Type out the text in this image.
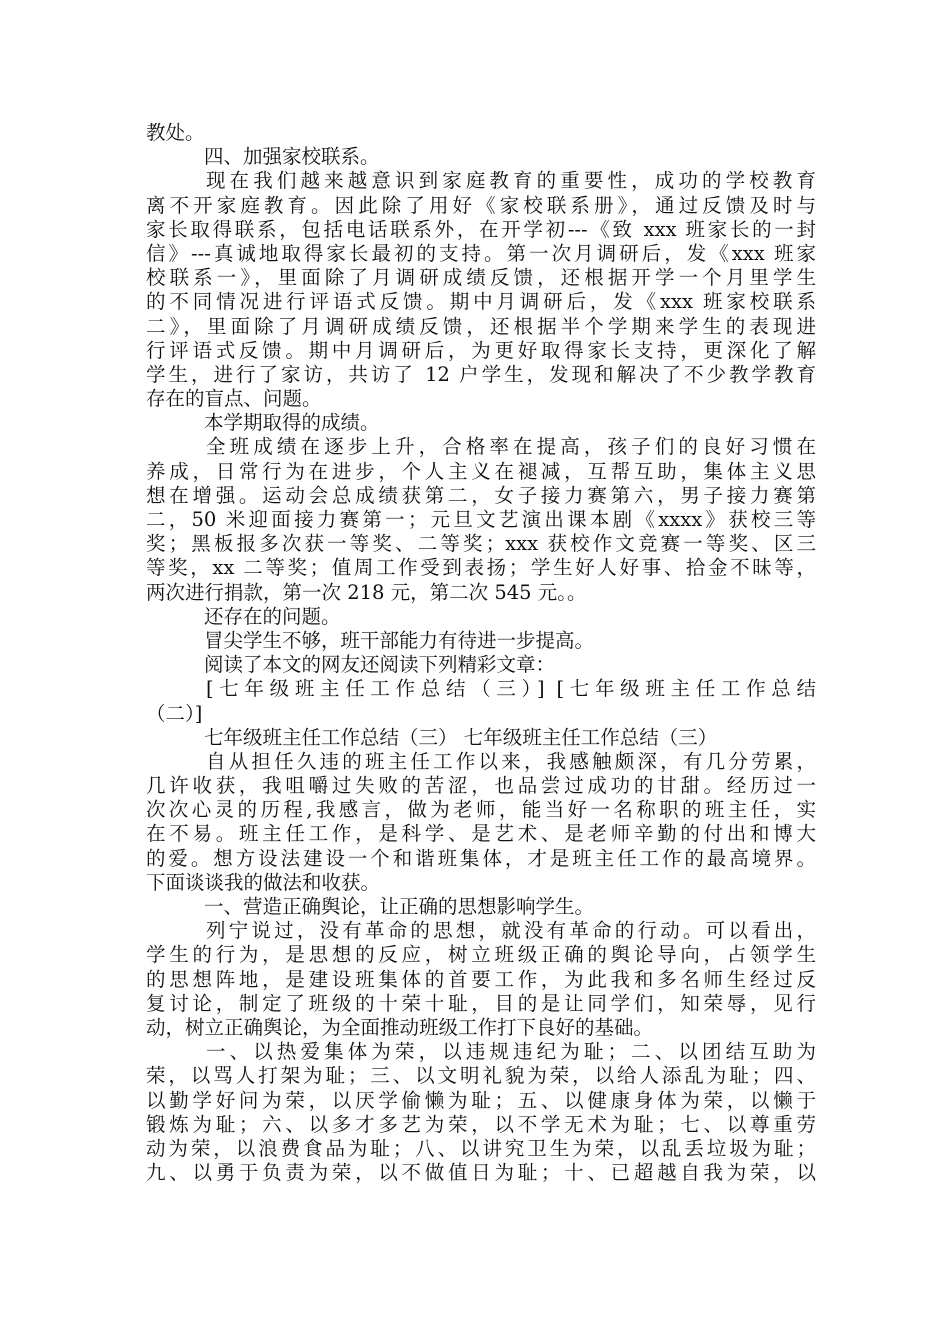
教处。
四、加强家校联系。
现在我们越来越意识到家庭教育的重要性，成功的学校教育
离不开家庭教育。因此除了用好《家校联系册》，通过反馈及时与
家长取得联系，包括电话联系外，在开学初---《致 xxx 班家长的一封
信》---真诚地取得家长最初的支持。第一次月调研后，发《xxx 班家
校联系一》，里面除了月调研成绩反馈，还根据开学一个月里学生
的不同情况进行评语式反馈。期中月调研后，发《xxx 班家校联系
二》，里面除了月调研成绩反馈，还根据半个学期来学生的表现进
行评语式反馈。期中月调研后，为更好取得家长支持，更深化了解
学生，进行了家访，共访了 12 户学生，发现和解决了不少教学教育
存在的盲点、问题。
本学期取得的成绩。
全班成绩在逐步上升，合格率在提高，孩子们的良好习惯在
养成，日常行为在进步，个人主义在褪减，互帮互助，集体主义思
想在增强。运动会总成绩获第二，女子接力赛第六，男子接力赛第
二，50 米迎面接力赛第一；元旦文艺演出课本剧《xxxx》获校三等
奖；黑板报多次获一等奖、二等奖；xxx 获校作文竞赛一等奖、区三
等奖，xx 二等奖；值周工作受到表扬；学生好人好事、拾金不昧等，
两次进行捐款，第一次 218 元，第二次 545 元。。
还存在的问题。
冒尖学生不够，班干部能力有待进一步提高。
阅读了本文的网友还阅读下列精彩文章：
[七年级班主任工作总结（三）] [七年级班主任工作总结
（二）]
七年级班主任工作总结（三） 七年级班主任工作总结（三）
自从担任久违的班主任工作以来，我感触颇深，有几分劳累，
几许收获，我咀嚼过失败的苦涩，也品尝过成功的甘甜。经历过一
次次心灵的历程,我感言，做为老师，能当好一名称职的班主任，实
在不易。班主任工作，是科学、是艺术、是老师辛勤的付出和博大
的爱。想方设法建设一个和谐班集体，才是班主任工作的最高境界。
下面谈谈我的做法和收获。
一、营造正确舆论，让正确的思想影响学生。
列宁说过，没有革命的思想，就没有革命的行动。可以看出，
学生的行为，是思想的反应，树立班级正确的舆论导向，占领学生
的思想阵地，是建设班集体的首要工作，为此我和多名师生经过反
复讨论，制定了班级的十荣十耻，目的是让同学们，知荣辱，见行
动，树立正确舆论，为全面推动班级工作打下良好的基础。
一、以热爱集体为荣，以违规违纪为耻；二、以团结互助为
荣，以骂人打架为耻；三、以文明礼貌为荣，以给人添乱为耻；四、
以勤学好问为荣，以厌学偷懒为耻；五、以健康身体为荣，以懒于
锻炼为耻；六、以多才多艺为荣，以不学无术为耻；七、以尊重劳
动为荣，以浪费食品为耻；八、以讲究卫生为荣，以乱丢垃圾为耻；
九、以勇于负责为荣，以不做值日为耻；十、已超越自我为荣，以
